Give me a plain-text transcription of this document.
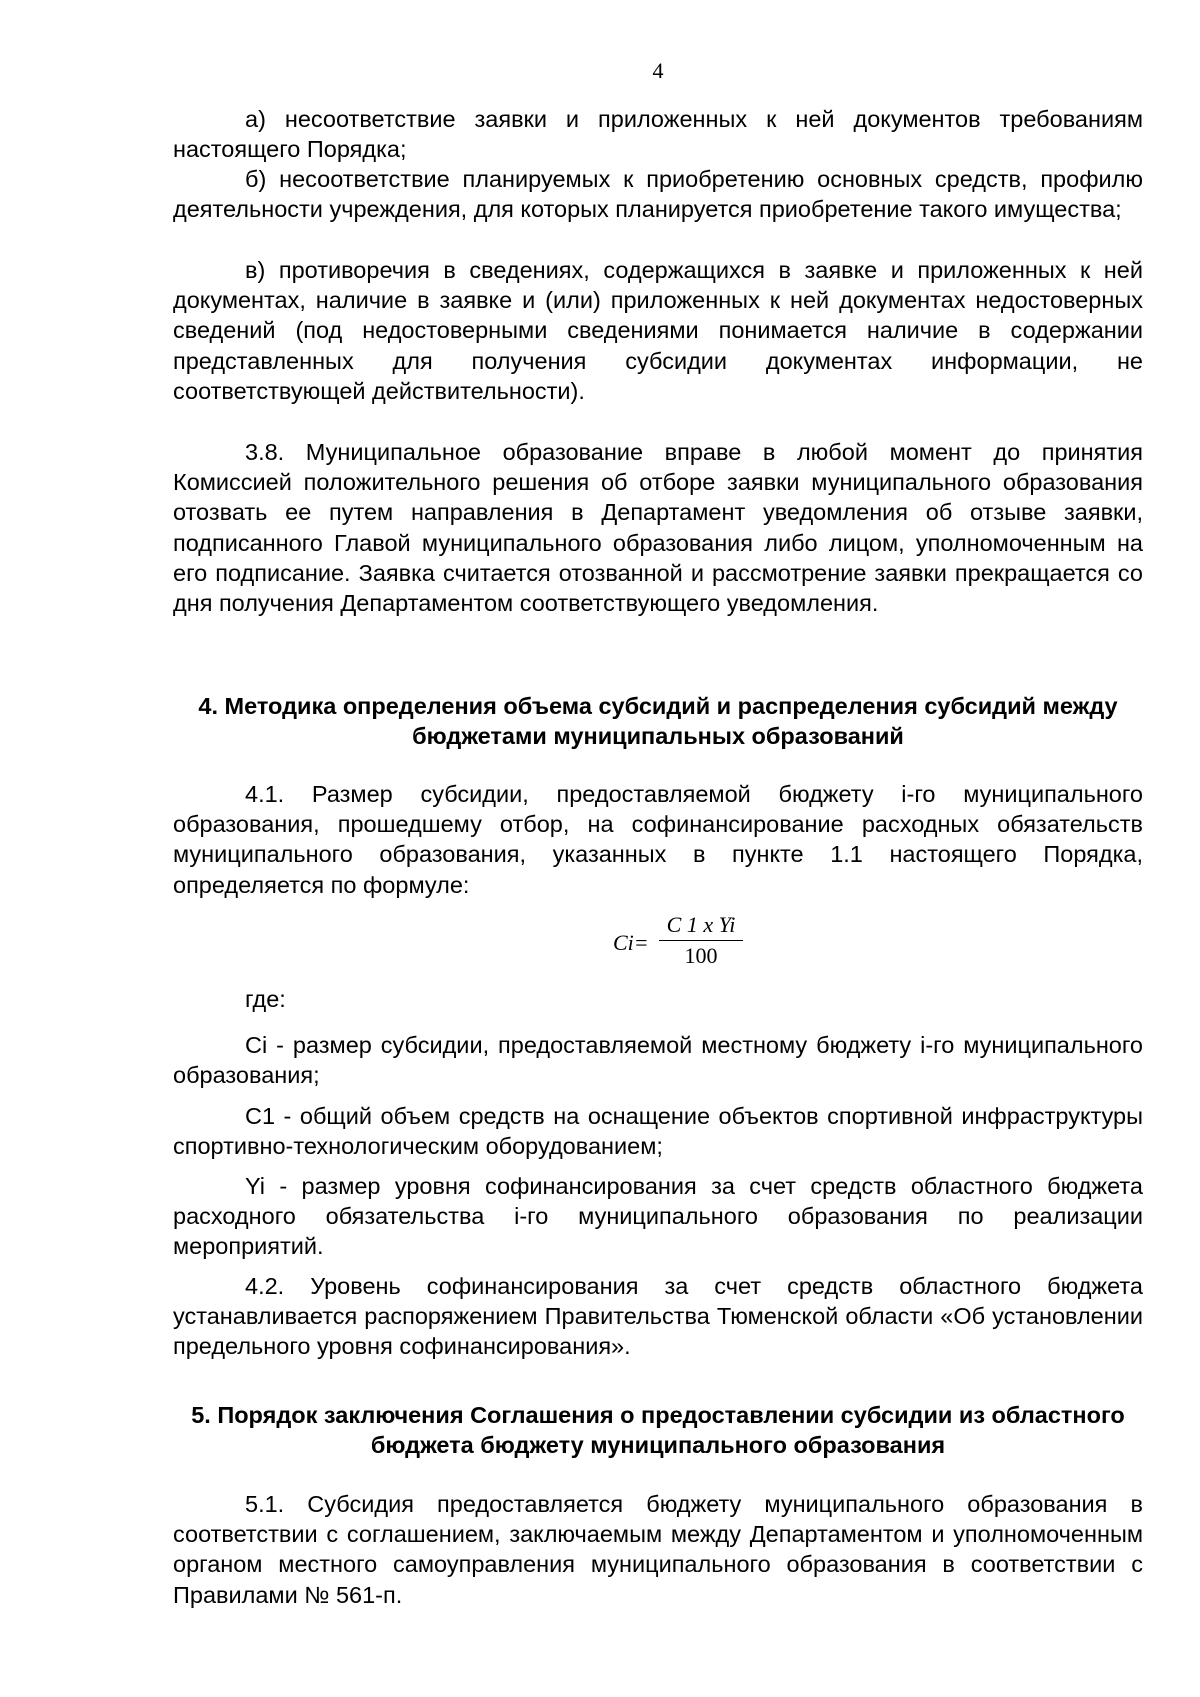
4

а) несоответствие заявки и приложенных к ней документов требованиям настоящего Порядка;

б) несоответствие планируемых к приобретению основных средств, профилю деятельности учреждения, для которых планируется приобретение такого имущества;

в) противоречия в сведениях, содержащихся в заявке и приложенных к ней документах, наличие в заявке и (или) приложенных к ней документах недостоверных сведений (под недостоверными сведениями понимается наличие в содержании представленных для получения субсидии документах информации, не соответствующей действительности).

3.8. Муниципальное образование вправе в любой момент до принятия Комиссией положительного решения об отборе заявки муниципального образования отозвать ее путем направления в Департамент уведомления об отзыве заявки, подписанного Главой муниципального образования либо лицом, уполномоченным на его подписание. Заявка считается отозванной и рассмотрение заявки прекращается со дня получения Департаментом соответствующего уведомления.

4. Методика определения объема субсидий и распределения субсидий между бюджетами муниципальных образований

4.1. Размер субсидии, предоставляемой бюджету i-го муниципального образования, прошедшему отбор, на софинансирование расходных обязательств муниципального образования, указанных в пункте 1.1 настоящего Порядка, определяется по формуле:

Ci=
C 1 x Yi
100

где:

Ci - размер субсидии, предоставляемой местному бюджету i-го муниципального образования;

C1 - общий объем средств на оснащение объектов спортивной инфраструктуры спортивно-технологическим оборудованием;

Yi - размер уровня софинансирования за счет средств областного бюджета расходного обязательства i-го муниципального образования по реализации мероприятий.

4.2. Уровень софинансирования за счет средств областного бюджета устанавливается распоряжением Правительства Тюменской области «Об установлении предельного уровня софинансирования».

5. Порядок заключения Соглашения о предоставлении субсидии из областного бюджета бюджету муниципального образования

5.1. Субсидия предоставляется бюджету муниципального образования в соответствии с соглашением, заключаемым между Департаментом и уполномоченным органом местного самоуправления муниципального образования в соответствии с Правилами № 561-п.
